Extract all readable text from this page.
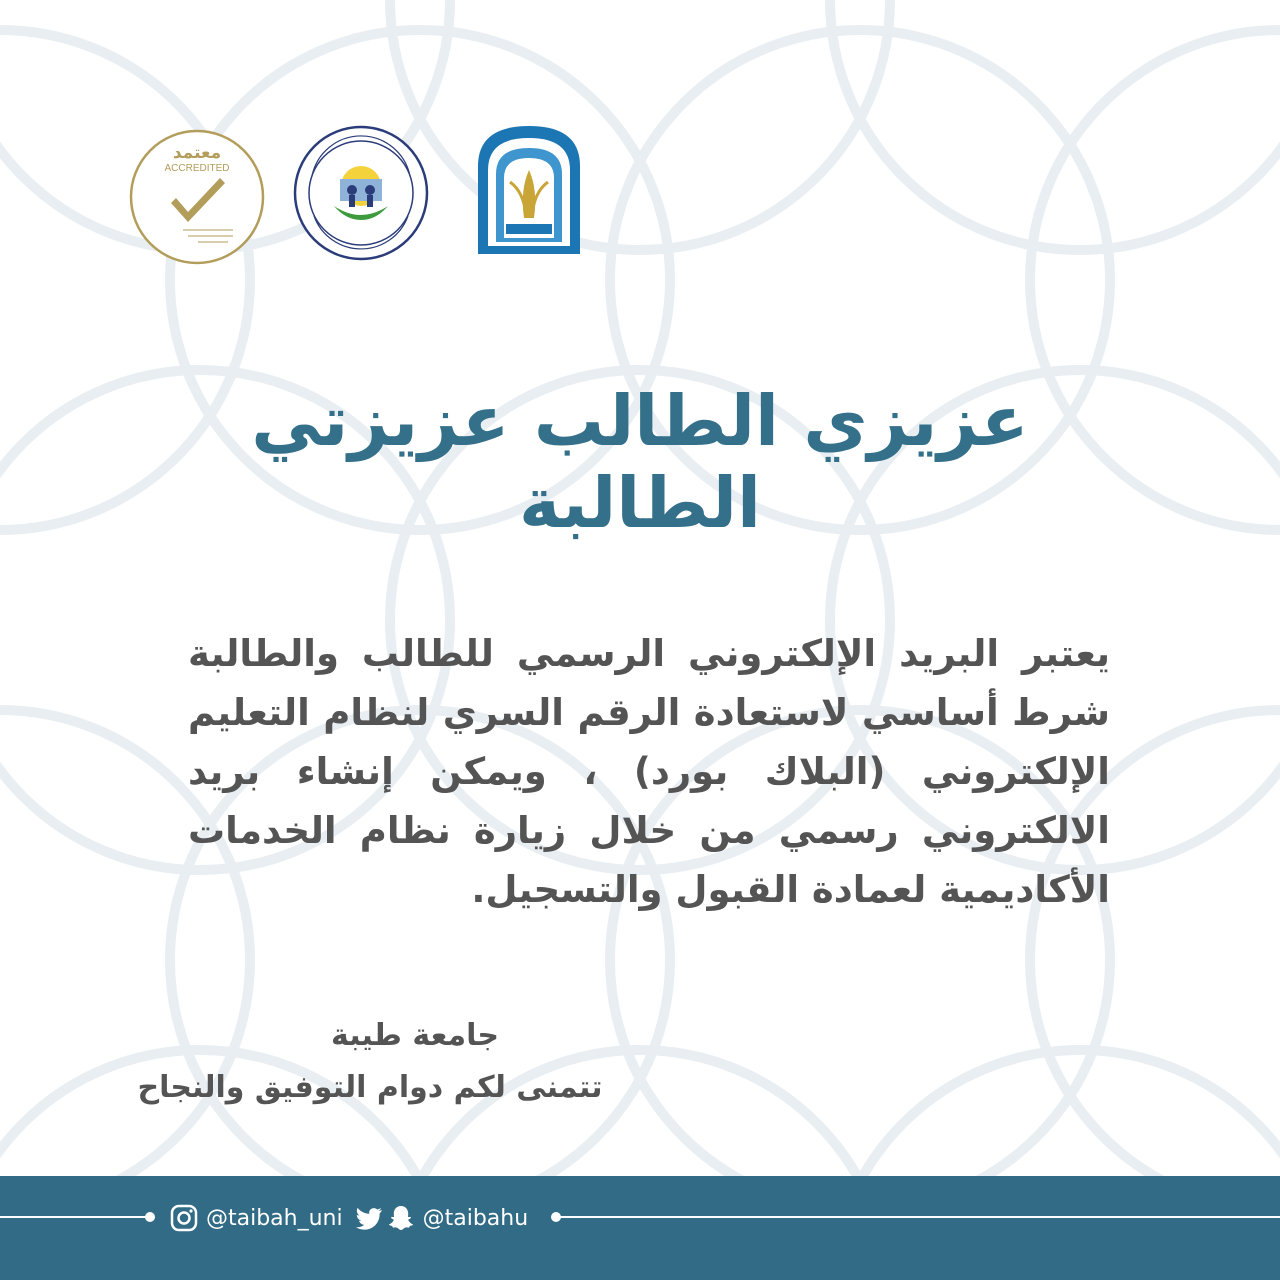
معتمد
ACCREDITED
عزيزي الطالب عزيزتي الطالبة
يعتبر البريد الإلكتروني الرسمي للطالب والطالبة شرط أساسي لاستعادة الرقم السري لنظام التعليم الإلكتروني (البلاك بورد) ، ويمكن إنشاء بريد الالكتروني رسمي من خلال زيارة نظام الخدمات الأكاديمية لعمادة القبول والتسجيل.
جامعة طيبة
تتمنى لكم دوام التوفيق والنجاح
@taibah_uni	@taibahu
